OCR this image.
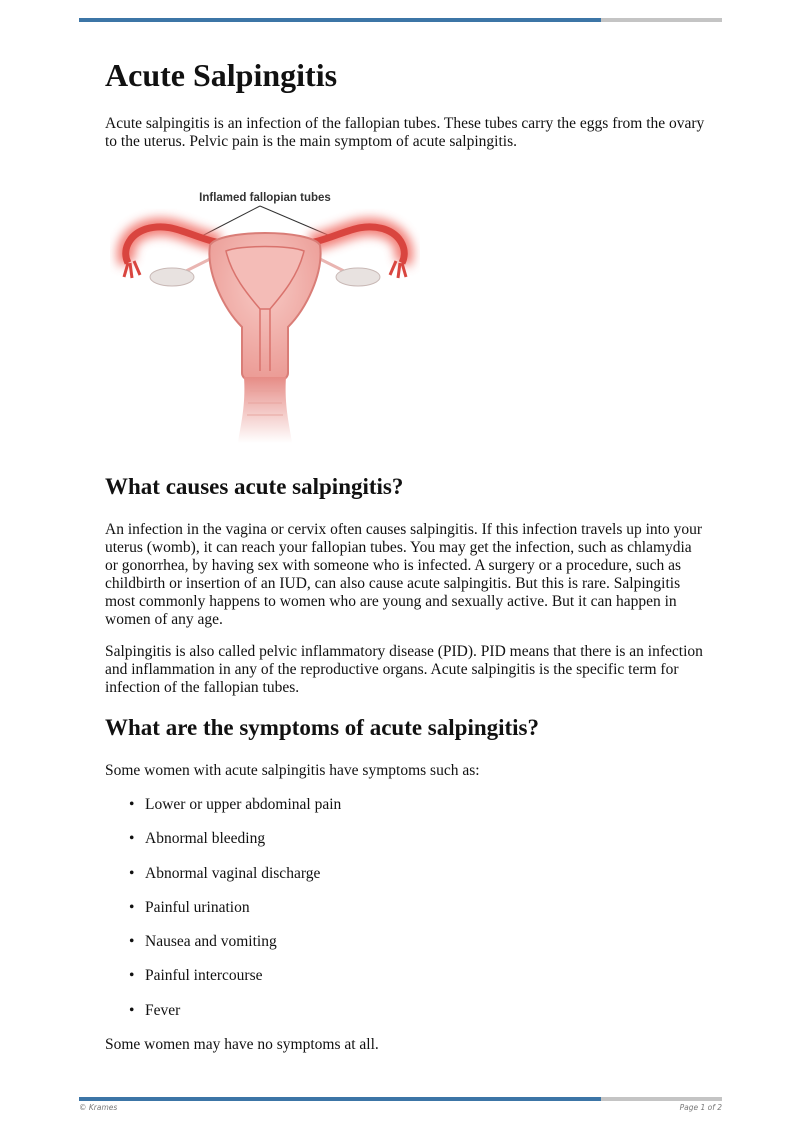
Acute Salpingitis

Acute salpingitis is an infection of the fallopian tubes. These tubes carry the eggs from the ovary to the uterus. Pelvic pain is the main symptom of acute salpingitis.

Inflamed fallopian tubes
What causes acute salpingitis?

An infection in the vagina or cervix often causes salpingitis. If this infection travels up into your uterus (womb), it can reach your fallopian tubes. You may get the infection, such as chlamydia or gonorrhea, by having sex with someone who is infected. A surgery or a procedure, such as childbirth or insertion of an IUD, can also cause acute salpingitis. But this is rare. Salpingitis most commonly happens to women who are young and sexually active. But it can happen in women of any age.

Salpingitis is also called pelvic inflammatory disease (PID). PID means that there is an infection and inflammation in any of the reproductive organs. Acute salpingitis is the specific term for infection of the fallopian tubes.

What are the symptoms of acute salpingitis?

Some women with acute salpingitis have symptoms such as:

• Lower or upper abdominal pain
• Abnormal bleeding
• Abnormal vaginal discharge
• Painful urination
• Nausea and vomiting
• Painful intercourse
• Fever

Some women may have no symptoms at all.

© Krames	Page 1 of 2
